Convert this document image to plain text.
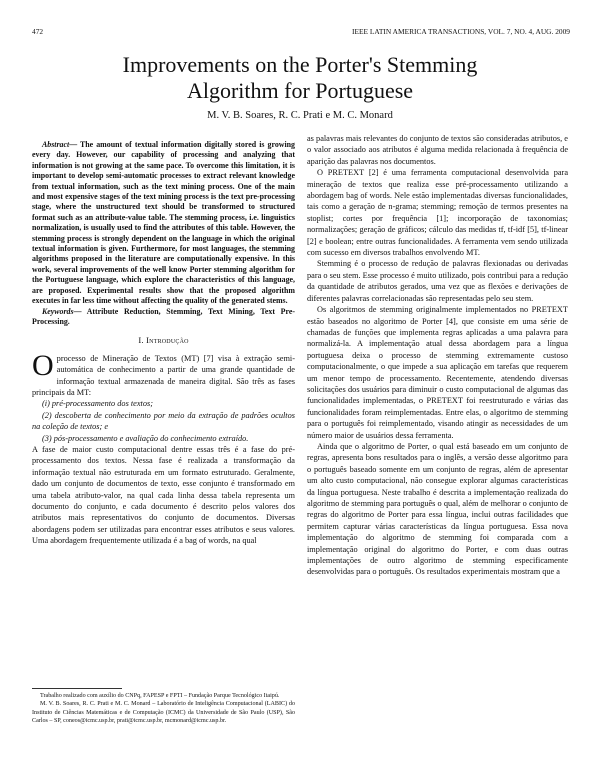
472	IEEE LATIN AMERICA TRANSACTIONS, VOL. 7, NO. 4, AUG. 2009
Improvements on the Porter's Stemming
Algorithm for Portuguese
M. V. B. Soares, R. C. Prati e M. C. Monard

Abstract— The amount of textual information digitally stored is growing every day. However, our capability of processing and analyzing that information is not growing at the same pace. To overcome this limitation, it is important to develop semi-automatic processes to extract relevant knowledge from textual information, such as the text mining process. One of the main and most expensive stages of the text mining process is the text pre-processing stage, where the unstructured text should be transformed to structured format such as an attribute-value table. The stemming process, i.e. linguistics normalization, is usually used to find the attributes of this table. However, the stemming process is strongly dependent on the language in which the original textual information is given. Furthermore, for most languages, the stemming algorithms proposed in the literature are computationally expensive. In this work, several improvements of the well know Porter stemming algorithm for the Portuguese language, which explore the characteristics of this language, are proposed. Experimental results show that the proposed algorithm executes in far less time without affecting the quality of the generated stems.

Keywords— Attribute Reduction, Stemming, Text Mining, Text Pre-Processing.

I. Introdução

Oprocesso de Mineração de Textos (MT) [7] visa à extração semi-automática de conhecimento a partir de uma grande quantidade de informação textual armazenada de maneira digital. São três as fases principais da MT:

(i) pré-processamento dos textos;

(2) descoberta de conhecimento por meio da extração de padrões ocultos na coleção de textos; e

(3) pós-processamento e avaliação do conhecimento extraído.

A fase de maior custo computacional dentre essas três é a fase do pré-processamento dos textos. Nessa fase é realizada a transformação da informação textual não estruturada em um formato estruturado. Geralmente, dado um conjunto de documentos de texto, esse conjunto é transformado em uma tabela atributo-valor, na qual cada linha dessa tabela representa um documento do conjunto, e cada documento é descrito pelos valores dos atributos mais representativos do conjunto de documentos. Diversas abordagens podem ser utilizadas para encontrar esses atributos e seus valores. Uma abordagem frequentemente utilizada é a bag of words, na qual

Trabalho realizado com auxílio do CNPq, FAPESP e FPTI – Fundação Parque Tecnológico Itaipú.

M. V. B. Soares, R. C. Prati e M. C. Monard – Laboratório de Inteligência Computacional (LABIC) do Instituto de Ciências Matemáticas e de Computação (ICMC) da Universidade de São Paulo (USP), São Carlos – SP, coneos@icmc.usp.br, prati@icmc.usp.br, mcmonard@icmc.usp.br.

as palavras mais relevantes do conjunto de textos são consideradas atributos, e o valor associado aos atributos é alguma medida relacionada à frequência de aparição das palavras nos documentos.

O PRETEXT [2] é uma ferramenta computacional desenvolvida para mineração de textos que realiza esse pré-processamento utilizando a abordagem bag of words. Nele estão implementadas diversas funcionalidades, tais como a geração de n-grama; stemming; remoção de termos presentes na stoplist; cortes por frequência [1]; incorporação de taxonomias; normalizações; geração de gráficos; cálculo das medidas tf, tf-idf [5], tf-linear [2] e boolean; entre outras funcionalidades. A ferramenta vem sendo utilizada com sucesso em diversos trabalhos envolvendo MT.

Stemming é o processo de redução de palavras flexionadas ou derivadas para o seu stem. Esse processo é muito utilizado, pois contribui para a redução da quantidade de atributos gerados, uma vez que as flexões e derivações de diferentes palavras correlacionadas são representadas pelo seu stem.

Os algoritmos de stemming originalmente implementados no PRETEXT estão baseados no algoritmo de Porter [4], que consiste em uma série de chamadas de funções que implementa regras aplicadas a uma palavra para normalizá-la. A implementação atual dessa abordagem para a língua portuguesa deixa o processo de stemming extremamente custoso computacionalmente, o que impede a sua aplicação em tarefas que requerem um menor tempo de processamento. Recentemente, atendendo diversas solicitações dos usuários para diminuir o custo computacional de algumas das funcionalidades implementadas, o PRETEXT foi reestruturado e várias das funcionalidades foram reimplementadas. Entre elas, o algoritmo de stemming para o português foi reimplementado, visando atingir as necessidades de um número maior de usuários dessa ferramenta.

Ainda que o algoritmo de Porter, o qual está baseado em um conjunto de regras, apresenta bons resultados para o inglês, a versão desse algoritmo para o português baseado somente em um conjunto de regras, além de apresentar um alto custo computacional, não consegue explorar algumas características da língua portuguesa. Neste trabalho é descrita a implementação realizada do algoritmo de stemming para português o qual, além de melhorar o conjunto de regras do algoritmo de Porter para essa língua, inclui outras facilidades que permitem capturar várias características da língua portuguesa. Essa nova implementação do algoritmo de stemming foi comparada com a implementação original do algoritmo do Porter, e com duas outras implementações de outro algoritmo de stemming especificamente desenvolvidas para o português. Os resultados experimentais mostram que a
